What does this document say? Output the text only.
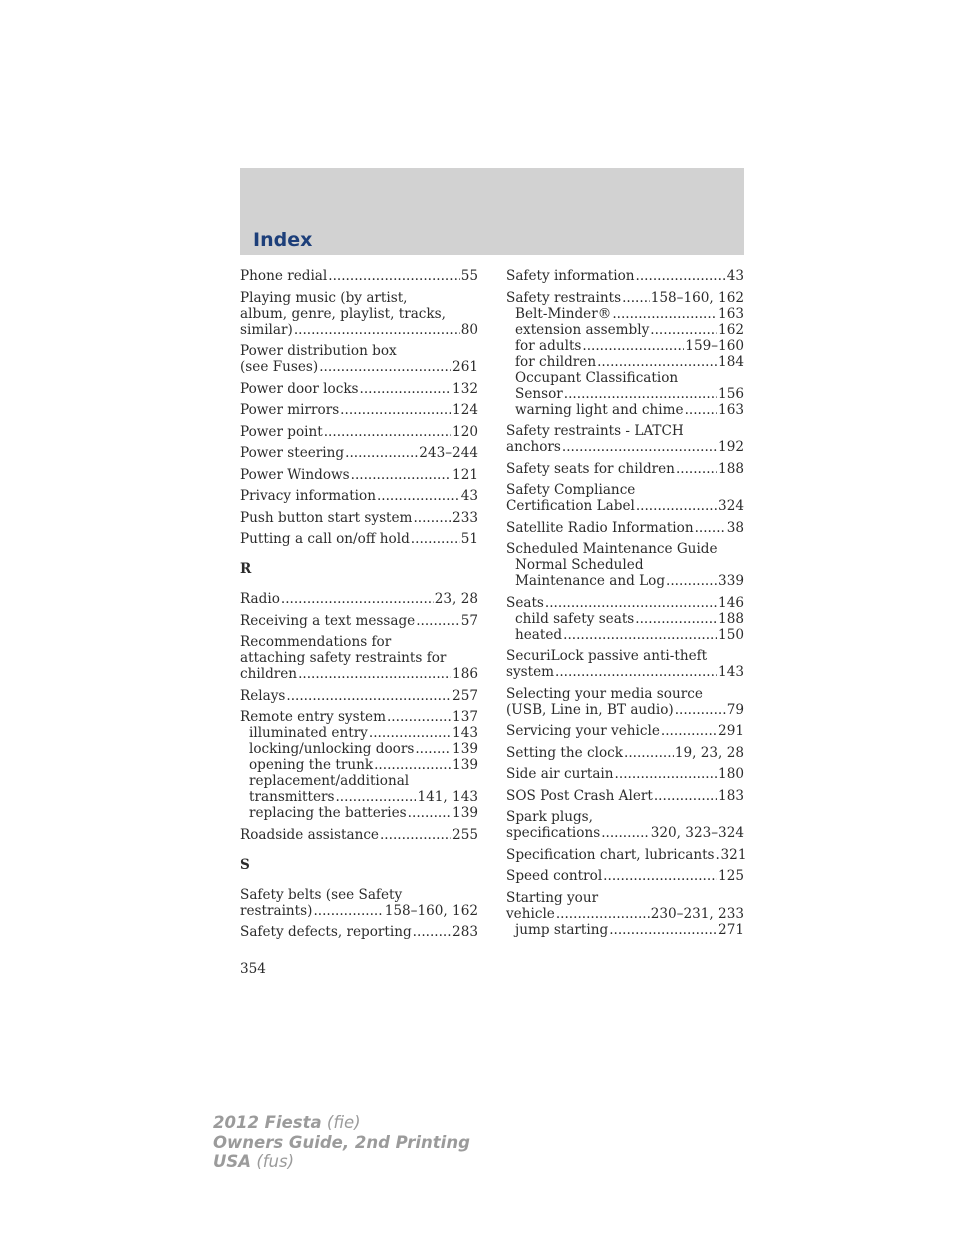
Index
Phone redial .....	55
Playing music (by artist,
album, genre, playlist, tracks,
similar) .....	80
Power distribution box
(see Fuses) .....	261
Power door locks .....	132
Power mirrors .....	124
Power point .....	120
Power steering .....	243–244
Power Windows .....	121
Privacy information .....	43
Push button start system .....	233
Putting a call on/off hold .....	51
R
Radio .....	23, 28
Receiving a text message .....	57
Recommendations for
attaching safety restraints for
children .....	186
Relays .....	257
Remote entry system .....	137
illuminated entry .....	143
locking/unlocking doors .....	139
opening the trunk .....	139
replacement/additional
transmitters .....	141, 143
replacing the batteries .....	139
Roadside assistance .....	255
S
Safety belts (see Safety
restraints) .....	158–160, 162
Safety defects, reporting .....	283
Safety information .....	43
Safety restraints ..... 158–160, 162
Belt-Minder® .....	163
extension assembly .....	162
for adults .....	159–160
for children .....	184
Occupant Classification
Sensor .....	156
warning light and chime .....	163
Safety restraints - LATCH
anchors .....	192
Safety seats for children .....	188
Safety Compliance
Certification Label .....	324
Satellite Radio Information ..... 38
Scheduled Maintenance Guide
Normal Scheduled
Maintenance and Log .....	339
Seats .....	146
child safety seats .....	188
heated .....	150
SecuriLock passive anti-theft
system .....	143
Selecting your media source
(USB, Line in, BT audio) .....	79
Servicing your vehicle .....	291
Setting the clock .....	19, 23, 28
Side air curtain .....	180
SOS Post Crash Alert .....	183
Spark plugs,
specifications .....	320, 323–324
Specification chart, lubricants ..... 321
Speed control .....	125
Starting your
vehicle .....	230–231, 233
jump starting .....	271
354
2012 Fiesta (fie)
Owners Guide, 2nd Printing
USA (fus)
